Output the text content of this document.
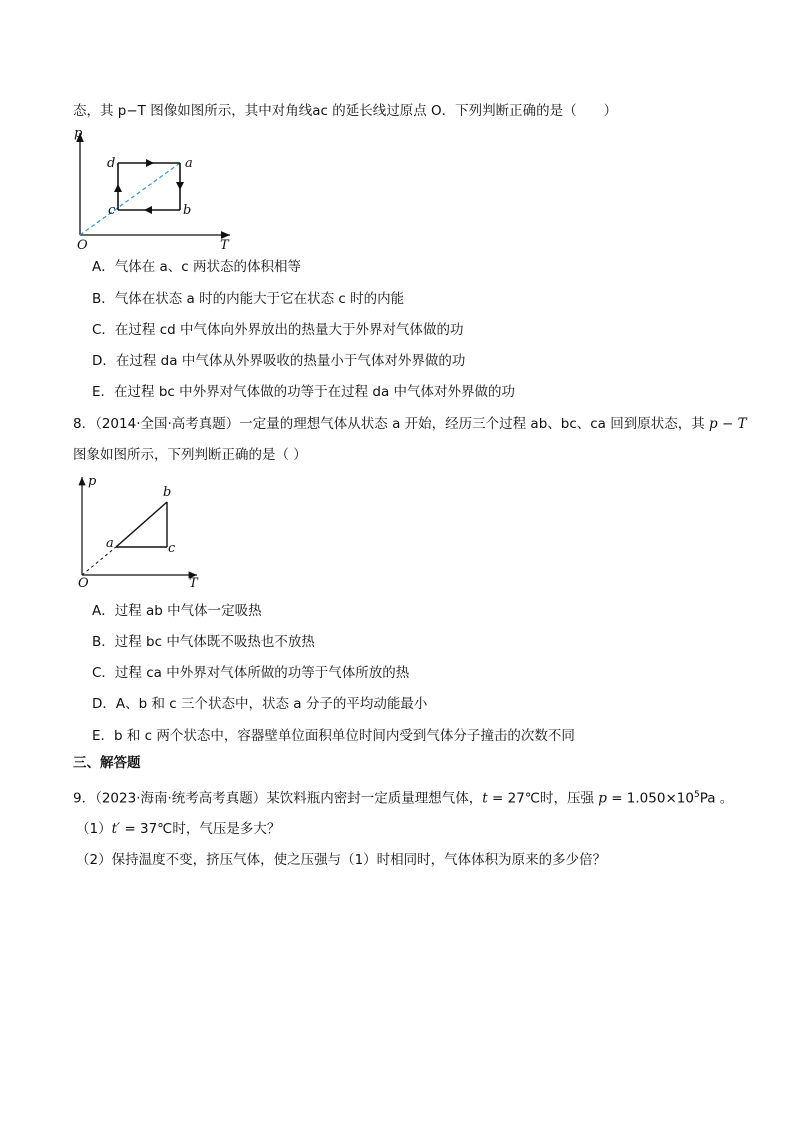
态，其 p−T 图像如图所示，其中对角线ac 的延长线过原点 O．下列判断正确的是（　　）
p
T
O
d	a
b
c
A．气体在 a、c 两状态的体积相等
B．气体在状态 a 时的内能大于它在状态 c 时的内能
C．在过程 cd 中气体向外界放出的热量大于外界对气体做的功
D．在过程 da 中气体从外界吸收的热量小于气体对外界做的功
E．在过程 bc 中外界对气体做的功等于在过程 da 中气体对外界做的功
8．（2014·全国·高考真题）一定量的理想气体从状态 a 开始，经历三个过程 ab、bc、ca 回到原状态，其 p − T
图象如图所示，下列判断正确的是（ ）
p
T
O
a
b
c
A．过程 ab 中气体一定吸热
B．过程 bc 中气体既不吸热也不放热
C．过程 ca 中外界对气体所做的功等于气体所放的热
D．A、b 和 c 三个状态中，状态 a 分子的平均动能最小
E．b 和 c 两个状态中，容器壁单位面积单位时间内受到气体分子撞击的次数不同
三、解答题
9．（2023·海南·统考高考真题）某饮料瓶内密封一定质量理想气体，t = 27℃时，压强 $p = 1.050\times 10^5Pa$ 。
（1）t′ = 37℃时，气压是多大？
（2）保持温度不变，挤压气体，使之压强与（1）时相同时，气体体积为原来的多少倍？
